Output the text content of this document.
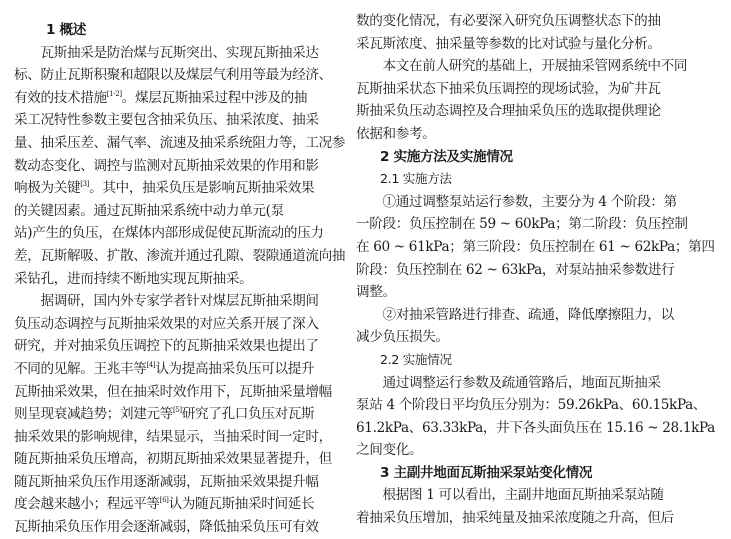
1 概述
　　瓦斯抽采是防治煤与瓦斯突出、实现瓦斯抽采达
标、防止瓦斯积聚和超限以及煤层气利用等最为经济、
有效的技术措施[1-2]。煤层瓦斯抽采过程中涉及的抽
采工况特性参数主要包含抽采负压、抽采浓度、抽采
量、抽采压差、漏气率、流速及抽采系统阻力等，工况参
数动态变化、调控与监测对瓦斯抽采效果的作用和影
响极为关键[3]。其中，抽采负压是影响瓦斯抽采效果
的关键因素。通过瓦斯抽采系统中动力单元(泵
站)产生的负压，在煤体内部形成促使瓦斯流动的压力
差，瓦斯解吸、扩散、渗流并通过孔隙、裂隙通道流向抽
采钻孔，进而持续不断地实现瓦斯抽采。
　　据调研，国内外专家学者针对煤层瓦斯抽采期间
负压动态调控与瓦斯抽采效果的对应关系开展了深入
研究，并对抽采负压调控下的瓦斯抽采效果也提出了
不同的见解。王兆丰等[4]认为提高抽采负压可以提升
瓦斯抽采效果，但在抽采时效作用下，瓦斯抽采量增幅
则呈现衰减趋势；刘建元等[5]研究了孔口负压对瓦斯
抽采效果的影响规律，结果显示，当抽采时间一定时，
随瓦斯抽采负压增高，初期瓦斯抽采效果显著提升，但
随瓦斯抽采负压作用逐渐减弱，瓦斯抽采效果提升幅
度会越来越小；程远平等[6]认为随瓦斯抽采时间延长
瓦斯抽采负压作用会逐渐减弱，降低抽采负压可有效
数的变化情况，有必要深入研究负压调整状态下的抽
采瓦斯浓度、抽采量等参数的比对试验与量化分析。
　　本文在前人研究的基础上，开展抽采管网系统中不同
瓦斯抽采状态下抽采负压调控的现场试验，为矿井瓦
斯抽采负压动态调控及合理抽采负压的选取提供理论
依据和参考。
2 实施方法及实施情况
2.1 实施方法
　　①通过调整泵站运行参数，主要分为 4 个阶段：第
一阶段：负压控制在 59 ~ 60kPa；第二阶段：负压控制
在 60 ~ 61kPa；第三阶段：负压控制在 61 ~ 62kPa；第四
阶段：负压控制在 62 ~ 63kPa，对泵站抽采参数进行
调整。
　　②对抽采管路进行排查、疏通，降低摩擦阻力，以
减少负压损失。
2.2 实施情况
　　通过调整运行参数及疏通管路后，地面瓦斯抽采
泵站 4 个阶段日平均负压分别为：59.26kPa、60.15kPa、
61.2kPa、63.33kPa，井下各头面负压在 15.16 ~ 28.1kPa
之间变化。
3 主副井地面瓦斯抽采泵站变化情况
　　根据图 1 可以看出，主副井地面瓦斯抽采泵站随
着抽采负压增加，抽采纯量及抽采浓度随之升高，但后
